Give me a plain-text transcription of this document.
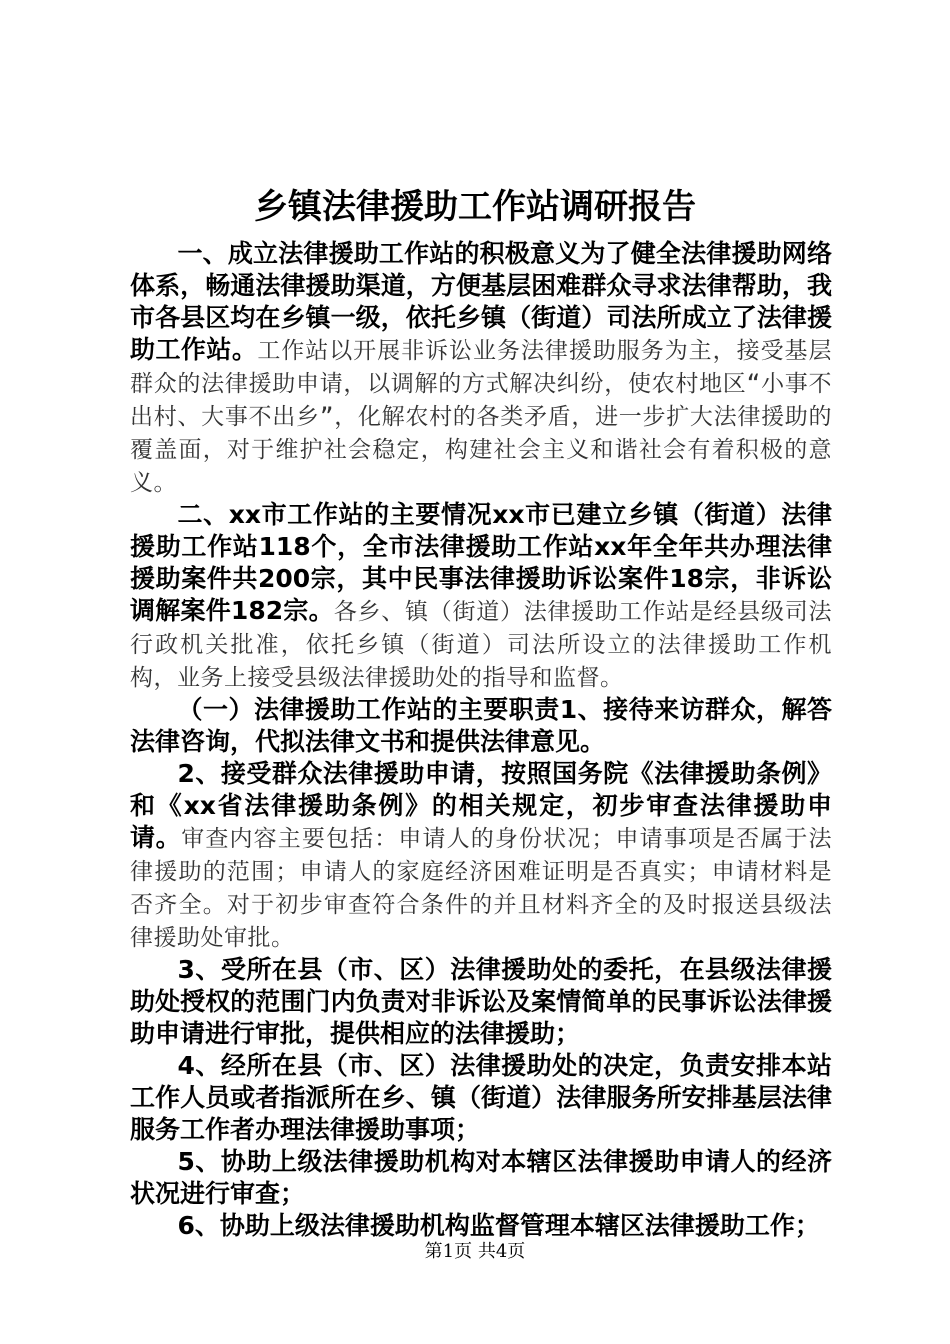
乡镇法律援助工作站调研报告

一、成立法律援助工作站的积极意义为了健全法律援助网络体系，畅通法律援助渠道，方便基层困难群众寻求法律帮助，我市各县区均在乡镇一级，依托乡镇（街道）司法所成立了法律援助工作站。工作站以开展非诉讼业务法律援助服务为主，接受基层群众的法律援助申请，以调解的方式解决纠纷，使农村地区“小事不出村、大事不出乡”，化解农村的各类矛盾，进一步扩大法律援助的覆盖面，对于维护社会稳定，构建社会主义和谐社会有着积极的意义。

二、xx市工作站的主要情况xx市已建立乡镇（街道）法律援助工作站118个，全市法律援助工作站xx年全年共办理法律援助案件共200宗，其中民事法律援助诉讼案件18宗，非诉讼调解案件182宗。各乡、镇（街道）法律援助工作站是经县级司法行政机关批准，依托乡镇（街道）司法所设立的法律援助工作机构，业务上接受县级法律援助处的指导和监督。

（一）法律援助工作站的主要职责1、接待来访群众，解答法律咨询，代拟法律文书和提供法律意见。

2、接受群众法律援助申请，按照国务院《法律援助条例》和《xx省法律援助条例》的相关规定，初步审查法律援助申请。审查内容主要包括：申请人的身份状况；申请事项是否属于法律援助的范围；申请人的家庭经济困难证明是否真实；申请材料是否齐全。对于初步审查符合条件的并且材料齐全的及时报送县级法律援助处审批。

3、受所在县（市、区）法律援助处的委托，在县级法律援助处授权的范围门内负责对非诉讼及案情简单的民事诉讼法律援助申请进行审批，提供相应的法律援助；

4、经所在县（市、区）法律援助处的决定，负责安排本站工作人员或者指派所在乡、镇（街道）法律服务所安排基层法律服务工作者办理法律援助事项；

5、协助上级法律援助机构对本辖区法律援助申请人的经济状况进行审查；

6、协助上级法律援助机构监督管理本辖区法律援助工作；

第1页 共4页
